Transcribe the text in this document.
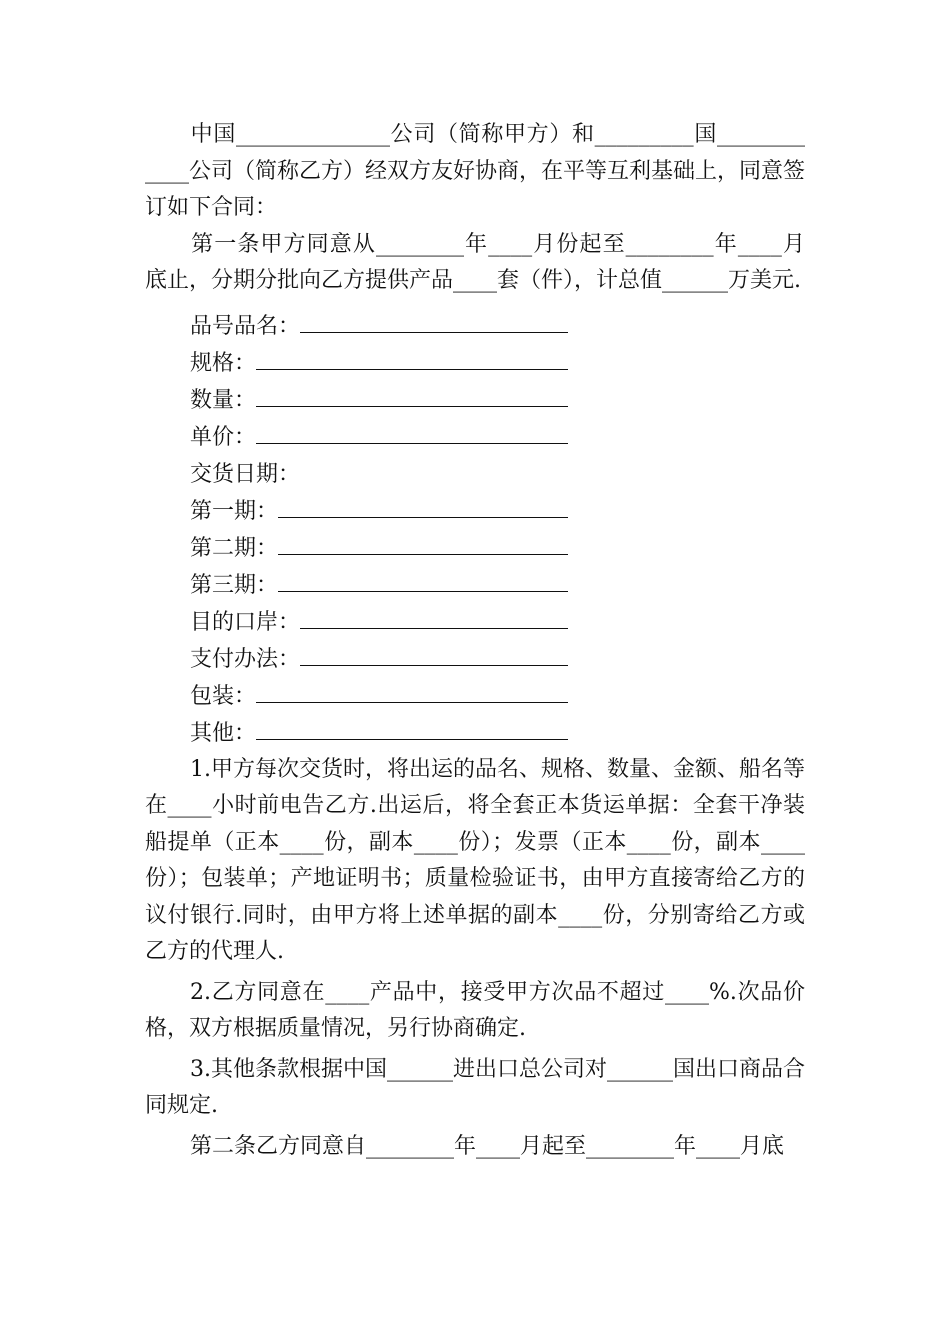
中国______________公司（简称甲方）和_________国____________公司（简称乙方）经双方友好协商，在平等互利基础上，同意签订如下合同：

第一条甲方同意从________年____月份起至________年____月底止，分期分批向乙方提供产品____套（件），计总值______万美元.

品号品名：
规格：
数量：
单价：
交货日期：
第一期：
第二期：
第三期：
目的口岸：
支付办法：
包装：
其他：

1.甲方每次交货时，将出运的品名、规格、数量、金额、船名等在____小时前电告乙方.出运后，将全套正本货运单据：全套干净装船提单（正本____份，副本____份）；发票（正本____份，副本____份）；包装单；产地证明书；质量检验证书，由甲方直接寄给乙方的议付银行.同时，由甲方将上述单据的副本____份，分别寄给乙方或乙方的代理人.

2.乙方同意在____产品中，接受甲方次品不超过____%.次品价格，双方根据质量情况，另行协商确定.

3.其他条款根据中国______进出口总公司对______国出口商品合同规定.

第二条乙方同意自________年____月起至________年____月底
